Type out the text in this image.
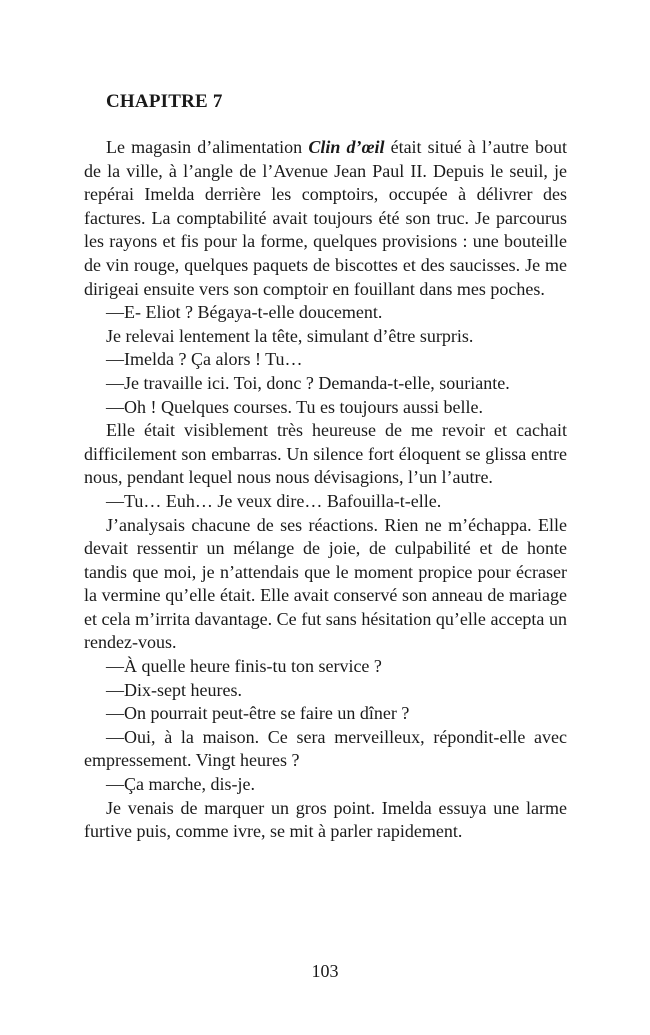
CHAPITRE 7

Le magasin d’alimentation Clin d’œil était situé à l’autre bout de la ville, à l’angle de l’Avenue Jean Paul II. Depuis le seuil, je repérai Imelda derrière les comptoirs, occupée à délivrer des factures. La comptabilité avait toujours été son truc. Je parcourus les rayons et fis pour la forme, quelques provisions : une bouteille de vin rouge, quelques paquets de biscottes et des saucisses. Je me dirigeai ensuite vers son comptoir en fouillant dans mes poches.

—E- Eliot ? Bégaya-t-elle doucement.

Je relevai lentement la tête, simulant d’être surpris.

—Imelda ? Ça alors ! Tu…

—Je travaille ici. Toi, donc ? Demanda-t-elle, souriante.

—Oh ! Quelques courses. Tu es toujours aussi belle.

Elle était visiblement très heureuse de me revoir et cachait difficilement son embarras. Un silence fort éloquent se glissa entre nous, pendant lequel nous nous dévisagions, l’un l’autre.

—Tu… Euh… Je veux dire… Bafouilla-t-elle.

J’analysais chacune de ses réactions. Rien ne m’échappa. Elle devait ressentir un mélange de joie, de culpabilité et de honte tandis que moi, je n’attendais que le moment propice pour écraser la vermine qu’elle était. Elle avait conservé son anneau de mariage et cela m’irrita davantage. Ce fut sans hésitation qu’elle accepta un rendez-vous.

—À quelle heure finis-tu ton service ?

—Dix-sept heures.

—On pourrait peut-être se faire un dîner ?

—Oui, à la maison. Ce sera merveilleux, répondit-elle avec empressement. Vingt heures ?

—Ça marche, dis-je.

Je venais de marquer un gros point. Imelda essuya une larme furtive puis, comme ivre, se mit à parler rapidement.

103
